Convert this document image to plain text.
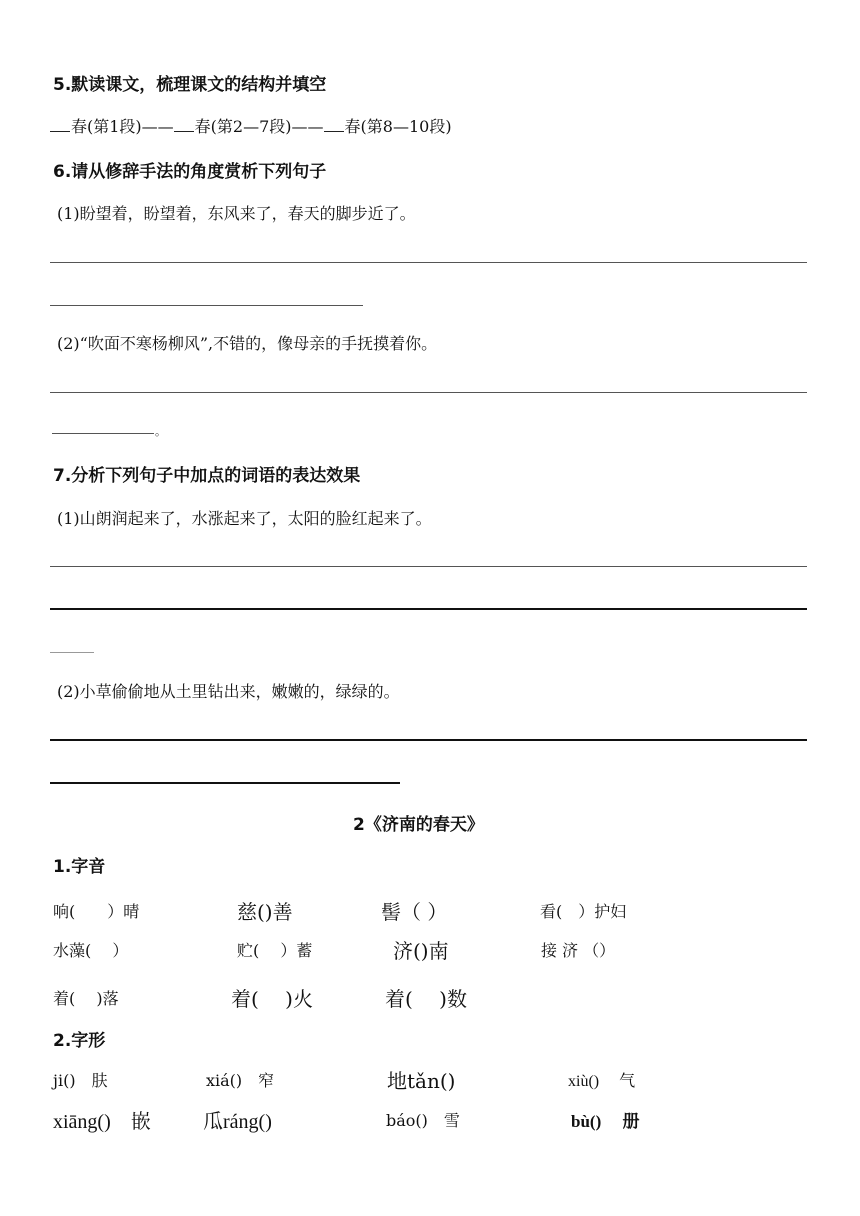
5.默读课文，梳理课文的结构并填空
春(第1段)—— 春(第2—7段)—— 春(第8—10段)
6.请从修辞手法的角度赏析下列句子
(1)盼望着，盼望着，东风来了，春天的脚步近了。
(2)“吹面不寒杨柳风”,不错的，像母亲的手抚摸着你。
。
7.分析下列句子中加点的词语的表达效果
(1)山朗润起来了，水涨起来了，太阳的脸红起来了。
(2)小草偷偷地从土里钻出来，嫩嫩的，绿绿的。
2《济南的春天》
1.字音
响(　　）晴	慈()善	髻（ ）	看(　）护妇
水藻(　 ）	贮(　 ）蓄	济()南	接 济 （）
着(　 )落	着(　 )火	着(　 )数
2.字形
ji()　肤	xiá()　窄	地tǎn()	xiù()　 气
xiāng()　嵌	瓜ráng()	báo()　雪	bù()　 册
